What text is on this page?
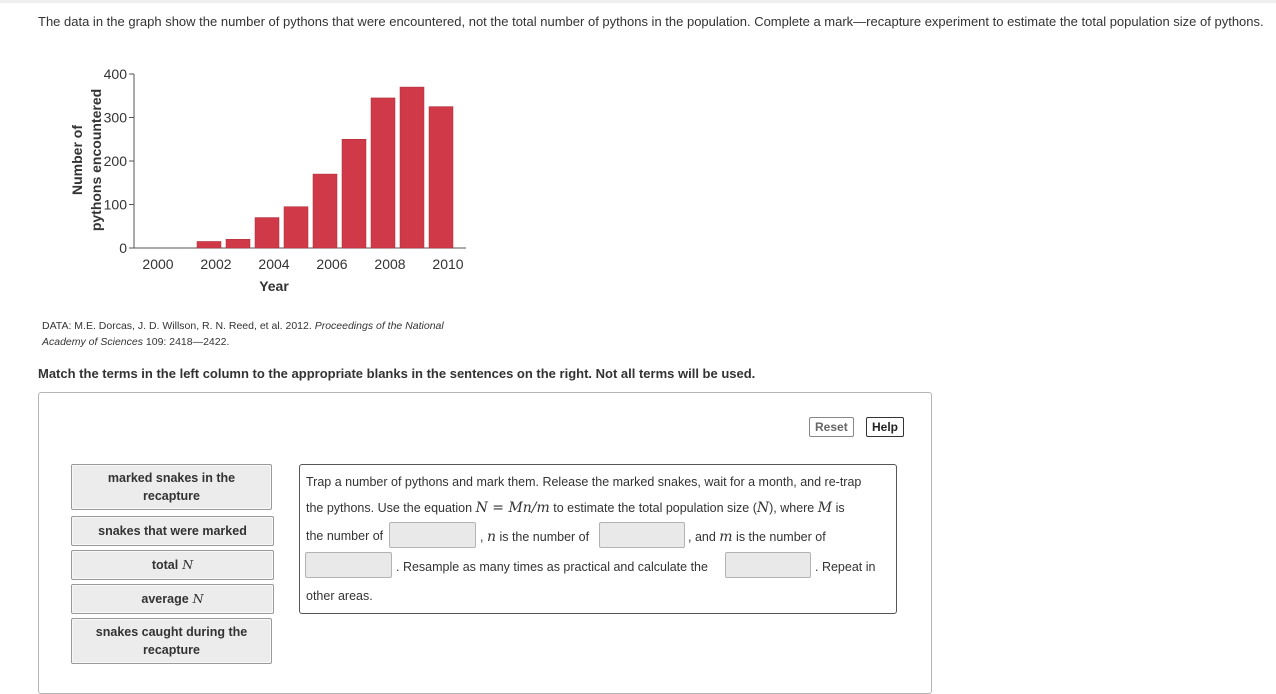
The data in the graph show the number of pythons that were encountered, not the total number of pythons in the population. Complete a mark—recapture experiment to estimate the total population size of pythons.
0
100
200
300
400
2000 2002 2004 2006 2008 2010
Year
Number of pythons encountered
DATA: M.E. Dorcas, J. D. Willson, R. N. Reed, et al. 2012. Proceedings of the National
Academy of Sciences 109: 2418—2422.
Match the terms in the left column to the appropriate blanks in the sentences on the right. Not all terms will be used.
Reset	Help
marked snakes in the recapture
snakes that were marked
total N
average N
snakes caught during the recapture
Trap a number of pythons and mark them. Release the marked snakes, wait for a month, and re-trap
the pythons. Use the equation N = Mn/m to estimate the total population size (N), where M is
the number of	, n is the number of	, and m is the number of
. Resample as many times as practical and calculate the	. Repeat in
other areas.
